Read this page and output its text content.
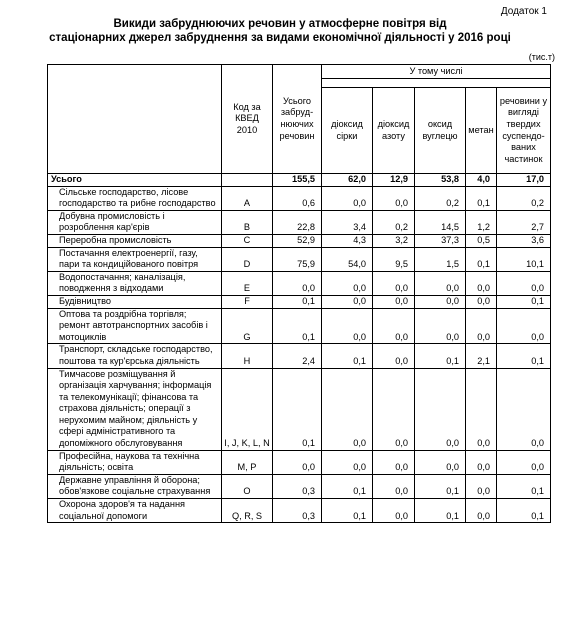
Додаток 1
Викиди забруднюючих речовин у атмосферне повітря від
стаціонарних джерел забруднення за видами економічної діяльності у 2016 році
(тис.т)
	Код за КВЕД 2010	Усього забруд-нюючих речовин	У тому числі				

			діоксид сірки	діоксид азоту	оксид вуглецю	метан	речовини у вигляді твердих суспендо-ваних частинок
Усього		155,5	62,0	12,9	53,8	4,0	17,0
Сільське господарство, лісове господарство та рибне господарство	A	0,6	0,0	0,0	0,2	0,1	0,2
Добувна промисловість і розроблення кар'єрів	B	22,8	3,4	0,2	14,5	1,2	2,7
Переробна промисловість	C	52,9	4,3	3,2	37,3	0,5	3,6
Постачання електроенергії, газу, пари та кондиційованого повітря	D	75,9	54,0	9,5	1,5	0,1	10,1
Водопостачання; каналізація, поводження з відходами	E	0,0	0,0	0,0	0,0	0,0	0,0
Будівництво	F	0,1	0,0	0,0	0,0	0,0	0,1
Оптова та роздрібна торгівля; ремонт автотранспортних засобів і мотоциклів	G	0,1	0,0	0,0	0,0	0,0	0,0
Транспорт, складське господарство, поштова та кур'єрська діяльність	H	2,4	0,1	0,0	0,1	2,1	0,1
Тимчасове розміщування й організація харчування; інформація та телекомунікації; фінансова та страхова діяльність; операції з нерухомим майном; діяльність у сфері адміністративного та допоміжного обслуговування	I, J, K, L, N	0,1	0,0	0,0	0,0	0,0	0,0
Професійна, наукова та технічна діяльність; освіта	M, P	0,0	0,0	0,0	0,0	0,0	0,0
Державне управління й оборона; обов'язкове соціальне страхування	O	0,3	0,1	0,0	0,1	0,0	0,1
Охорона здоров'я та надання соціальної допомоги	Q, R, S	0,3	0,1	0,0	0,1	0,0	0,1
